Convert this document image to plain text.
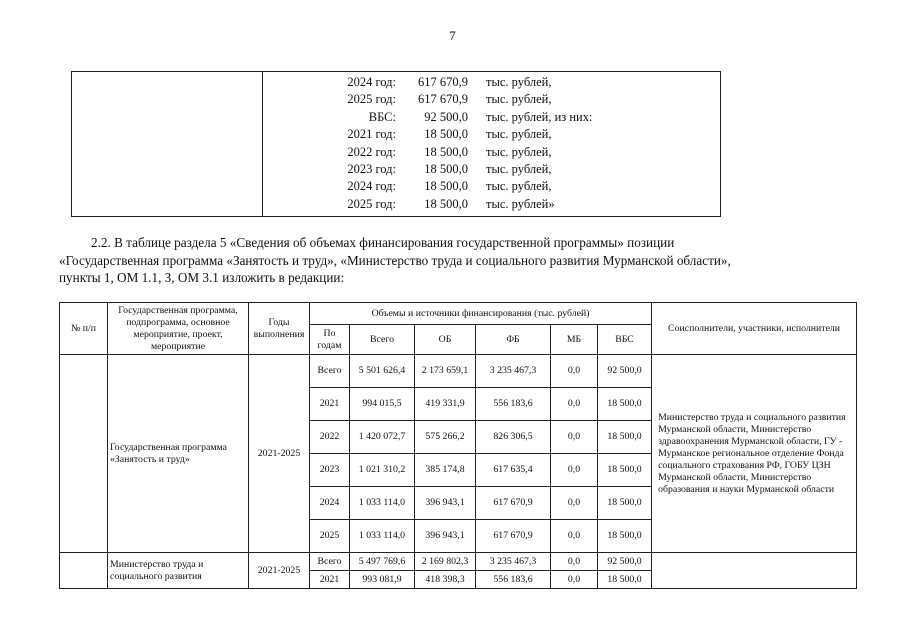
7
2024 год:	617 670,9 тыс. рублей,
2025 год:	617 670,9 тыс. рублей,
ВБС:	92 500,0 тыс. рублей, из них:
2021 год:	18 500,0 тыс. рублей,
2022 год:	18 500,0 тыс. рублей,
2023 год:	18 500,0 тыс. рублей,
2024 год:	18 500,0 тыс. рублей,
2025 год:	18 500,0 тыс. рублей»

2.2. В таблице раздела 5 «Сведения об объемах финансирования государственной программы» позиции

«Государственная программа «Занятость и труд», «Министерство труда и социального развития Мурманской области»,

пункты 1, ОМ 1.1, 3, ОМ 3.1 изложить в редакции:

№ п/п	Государственная программа, подпрограмма, основное мероприятие, проект, мероприятие	Годы выполнения	Объемы и источники финансирования (тыс. рублей)						Соисполнители, участники, исполнители
			По годам	Всего	ОБ	ФБ	МБ	ВБС	
	Государственная программа «Занятость и труд»	2021-2025	Всего	5 501 626,4	2 173 659,1	3 235 467,3	0,0	92 500,0	Министерство труда и социального развития Мурманской области, Министерство здравоохранения Мурманской области, ГУ - Мурманское региональное отделение Фонда социального страхования РФ, ГОБУ ЦЗН Мурманской области, Министерство образования и науки Мурманской области
			2021	994 015,5	419 331,9	556 183,6	0,0	18 500,0	
			2022	1 420 072,7	575 266,2	826 306,5	0,0	18 500,0	
			2023	1 021 310,2	385 174,8	617 635,4	0,0	18 500,0	
			2024	1 033 114,0	396 943,1	617 670,9	0,0	18 500,0	
			2025	1 033 114,0	396 943,1	617 670,9	0,0	18 500,0	
	Министерство труда и социального развития	2021-2025	Всего	5 497 769,6	2 169 802,3	3 235 467,3	0,0	92 500,0	
			2021	993 081,9	418 398,3	556 183,6	0,0	18 500,0	
